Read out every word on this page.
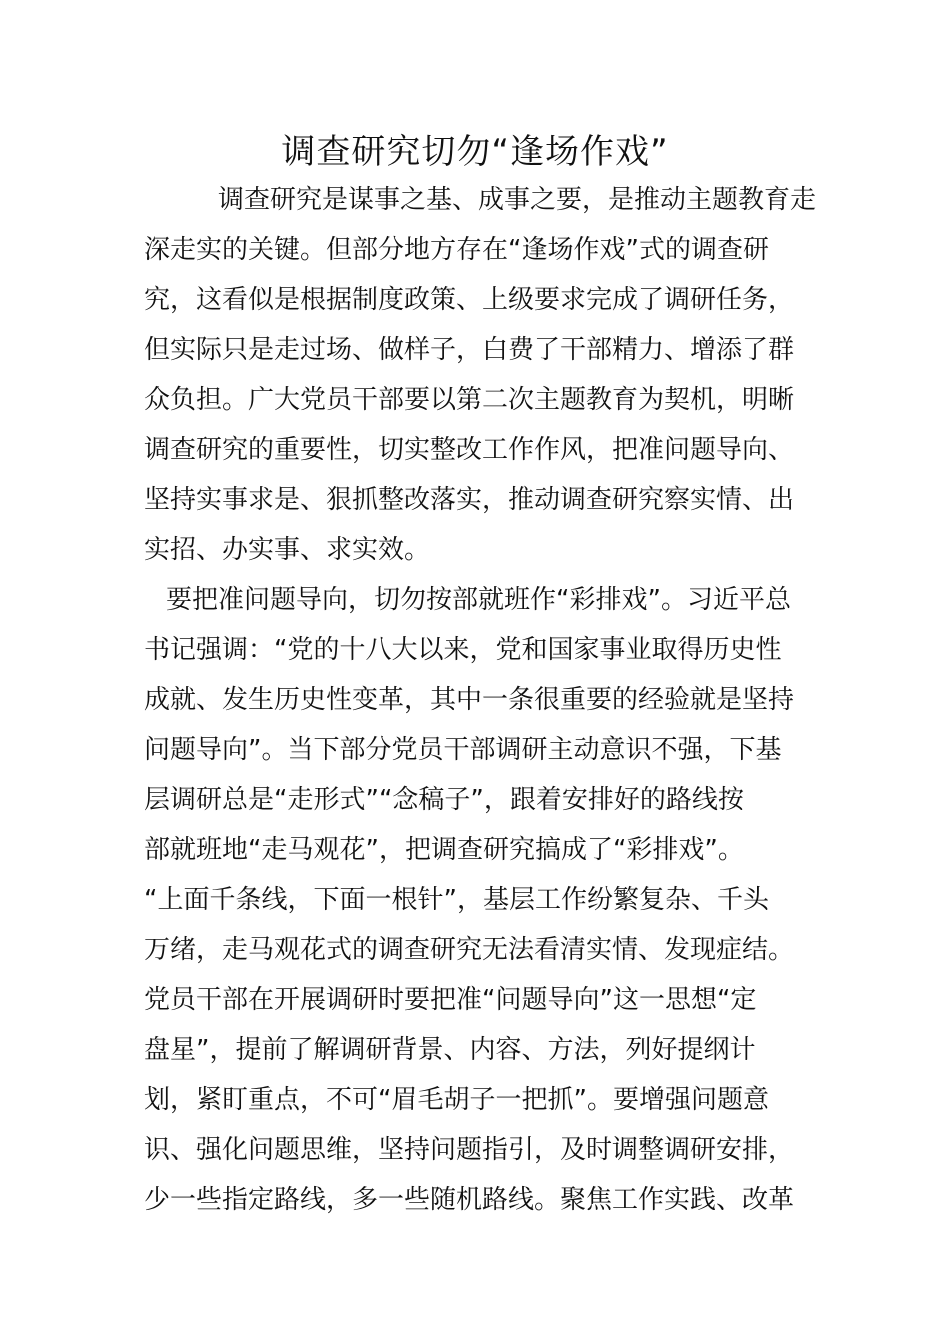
调查研究切勿“逢场作戏”
调查研究是谋事之基、成事之要，是推动主题教育走
深走实的关键。但部分地方存在“逢场作戏”式的调查研
究，这看似是根据制度政策、上级要求完成了调研任务，
但实际只是走过场、做样子，白费了干部精力、增添了群
众负担。广大党员干部要以第二次主题教育为契机，明晰
调查研究的重要性，切实整改工作作风，把准问题导向、
坚持实事求是、狠抓整改落实，推动调查研究察实情、出
实招、办实事、求实效。
要把准问题导向，切勿按部就班作“彩排戏”。习近平总
书记强调：“党的十八大以来，党和国家事业取得历史性
成就、发生历史性变革，其中一条很重要的经验就是坚持
问题导向”。当下部分党员干部调研主动意识不强，下基
层调研总是“走形式”“念稿子”，跟着安排好的路线按
部就班地“走马观花”，把调查研究搞成了“彩排戏”。
“上面千条线，下面一根针”，基层工作纷繁复杂、千头
万绪，走马观花式的调查研究无法看清实情、发现症结。
党员干部在开展调研时要把准“问题导向”这一思想“定
盘星”，提前了解调研背景、内容、方法，列好提纲计
划，紧盯重点，不可“眉毛胡子一把抓”。要增强问题意
识、强化问题思维，坚持问题指引，及时调整调研安排，
少一些指定路线，多一些随机路线。聚焦工作实践、改革
